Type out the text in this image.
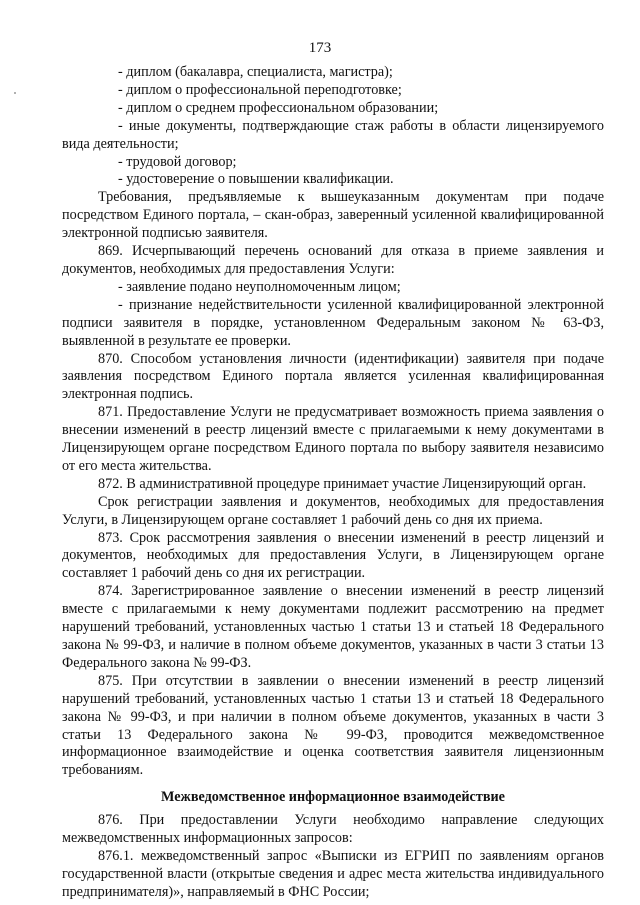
173

- диплом (бакалавра, специалиста, магистра);

- диплом о профессиональной переподготовке;

- диплом о среднем профессиональном образовании;

- иные документы, подтверждающие стаж работы в области лицензируемого вида деятельности;

- трудовой договор;

- удостоверение о повышении квалификации.

Требования, предъявляемые к вышеуказанным документам при подаче посредством Единого портала, – скан-образ, заверенный усиленной квалифицированной электронной подписью заявителя.

869. Исчерпывающий перечень оснований для отказа в приеме заявления и документов, необходимых для предоставления Услуги:

- заявление подано неуполномоченным лицом;

- признание недействительности усиленной квалифицированной электронной подписи заявителя в порядке, установленном Федеральным законом № 63-ФЗ, выявленной в результате ее проверки.

870. Способом установления личности (идентификации) заявителя при подаче заявления посредством Единого портала является усиленная квалифицированная электронная подпись.

871. Предоставление Услуги не предусматривает возможность приема заявления о внесении изменений в реестр лицензий вместе с прилагаемыми к нему документами в Лицензирующем органе посредством Единого портала по выбору заявителя независимо от его места жительства.

872. В административной процедуре принимает участие Лицензирующий орган.

Срок регистрации заявления и документов, необходимых для предоставления Услуги, в Лицензирующем органе составляет 1 рабочий день со дня их приема.

873. Срок рассмотрения заявления о внесении изменений в реестр лицензий и документов, необходимых для предоставления Услуги, в Лицензирующем органе составляет 1 рабочий день со дня их регистрации.

874. Зарегистрированное заявление о внесении изменений в реестр лицензий вместе с прилагаемыми к нему документами подлежит рассмотрению на предмет нарушений требований, установленных частью 1 статьи 13 и статьей 18 Федерального закона № 99-ФЗ, и наличие в полном объеме документов, указанных в части 3 статьи 13 Федерального закона № 99-ФЗ.

875. При отсутствии в заявлении о внесении изменений в реестр лицензий нарушений требований, установленных частью 1 статьи 13 и статьей 18 Федерального закона № 99-ФЗ, и при наличии в полном объеме документов, указанных в части 3 статьи 13 Федерального закона № 99-ФЗ, проводится межведомственное информационное взаимодействие и оценка соответствия заявителя лицензионным требованиям.

Межведомственное информационное взаимодействие

876. При предоставлении Услуги необходимо направление следующих межведомственных информационных запросов:

876.1. межведомственный запрос «Выписки из ЕГРИП по заявлениям органов государственной власти (открытые сведения и адрес места жительства индивидуального предпринимателя)», направляемый в ФНС России;
